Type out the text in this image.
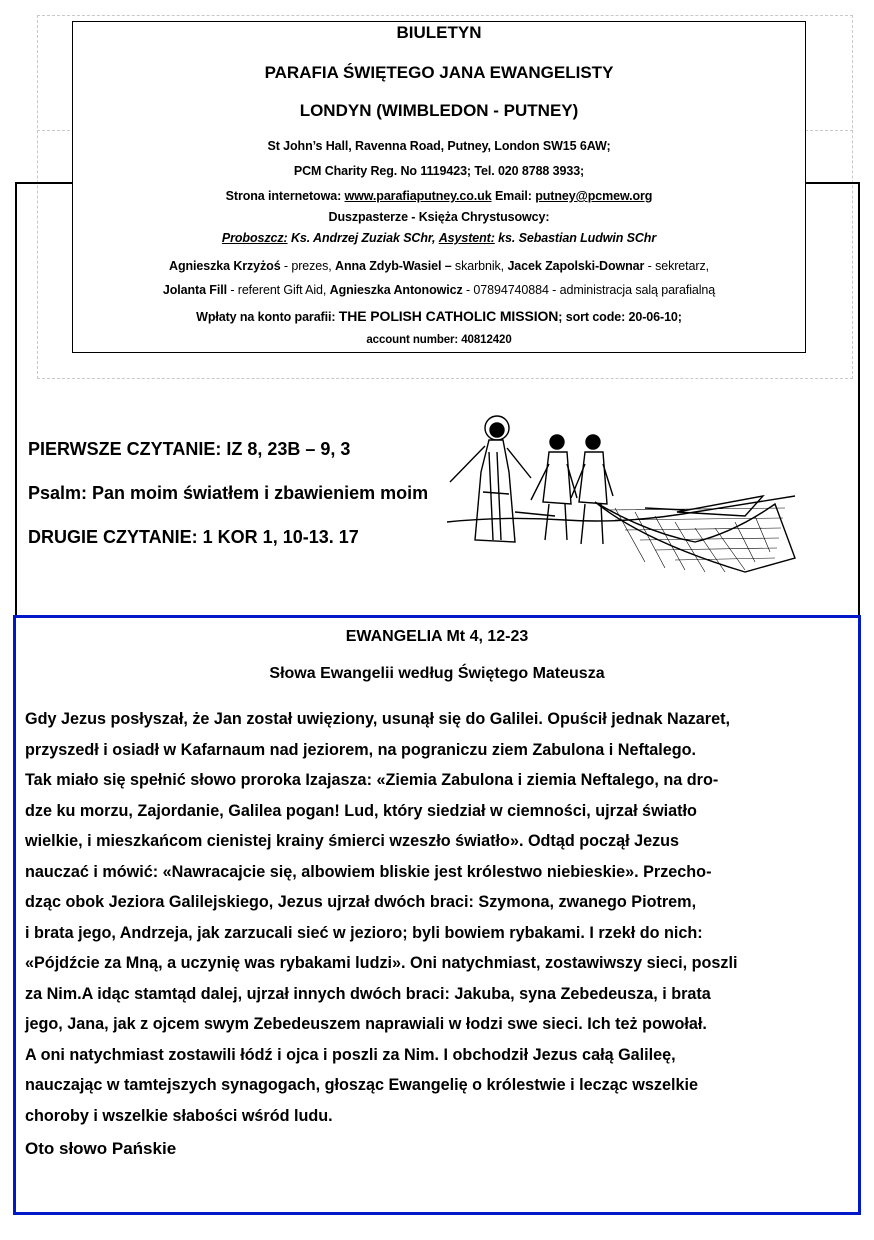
BIULETYN
PARAFIA ŚWIĘTEGO JANA EWANGELISTY
LONDYN (WIMBLEDON - PUTNEY)
St John’s Hall, Ravenna Road, Putney, London SW15 6AW;
PCM Charity Reg. No 1119423; Tel. 020 8788 3933;
Strona internetowa: www.parafiaputney.co.uk Email: putney@pcmew.org
Duszpasterze - Księża Chrystusowcy:
Proboszcz: Ks. Andrzej Zuziak SChr, Asystent: ks. Sebastian Ludwin SChr
Agnieszka Krzyżoś - prezes, Anna Zdyb-Wasiel – skarbnik, Jacek Zapolski-Downar - sekretarz,
Jolanta Fill - referent Gift Aid, Agnieszka Antonowicz - 07894740884 - administracja salą parafialną
Wpłaty na konto parafii: THE POLISH CATHOLIC MISSION; sort code: 20-06-10;
account number: 40812420
PIERWSZE CZYTANIE: IZ 8, 23B – 9, 3
Psalm: Pan moim światłem i zbawieniem moim
DRUGIE CZYTANIE: 1 KOR 1, 10-13. 17
EWANGELIA Mt 4, 12-23
Słowa Ewangelii według Świętego Mateusza
Gdy Jezus posłyszał, że Jan został uwięziony, usunął się do Galilei. Opuścił jednak Nazaret,
przyszedł i osiadł w Kafarnaum nad jeziorem, na pograniczu ziem Zabulona i Neftalego.
Tak miało się spełnić słowo proroka Izajasza: «Ziemia Zabulona i ziemia Neftalego, na dro-
dze ku morzu, Zajordanie, Galilea pogan! Lud, który siedział w ciemności, ujrzał światło
wielkie, i mieszkańcom cienistej krainy śmierci wzeszło światło». Odtąd począł Jezus
nauczać i mówić: «Nawracajcie się, albowiem bliskie jest królestwo niebieskie». Przecho-
dząc obok Jeziora Galilejskiego, Jezus ujrzał dwóch braci: Szymona, zwanego Piotrem,
i brata jego, Andrzeja, jak zarzucali sieć w jezioro; byli bowiem rybakami. I rzekł do nich:
«Pójdźcie za Mną, a uczynię was rybakami ludzi». Oni natychmiast, zostawiwszy sieci, poszli
za Nim.A idąc stamtąd dalej, ujrzał innych dwóch braci: Jakuba, syna Zebedeusza, i brata
jego, Jana, jak z ojcem swym Zebedeuszem naprawiali w łodzi swe sieci. Ich też powołał.
A oni natychmiast zostawili łódź i ojca i poszli za Nim. I obchodził Jezus całą Galileę,
nauczając w tamtejszych synagogach, głosząc Ewangelię o królestwie i lecząc wszelkie
choroby i wszelkie słabości wśród ludu.
Oto słowo Pańskie
